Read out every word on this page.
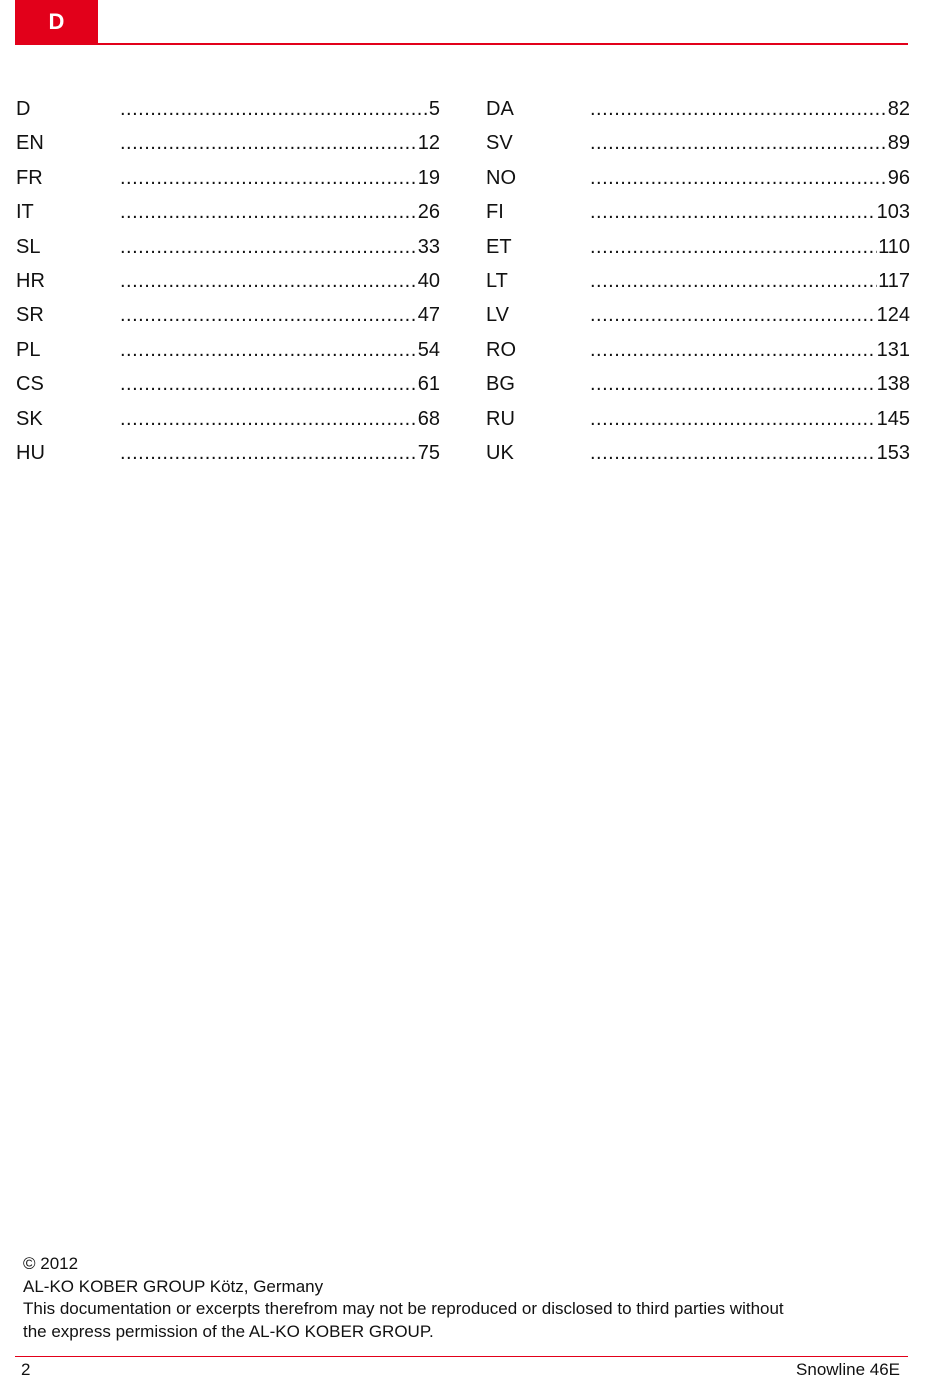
D
D .....	5
EN .....	12
FR .....	19
IT .....	26
SL .....	33
HR .....	40
SR .....	47
PL .....	54
CS .....	61
SK .....	68
HU .....	75
DA .....	82
SV .....	89
NO .....	96
FI .....	103
ET .....	110
LT .....	117
LV .....	124
RO .....	131
BG .....	138
RU .....	145
UK .....	153
© 2012
AL-KO KOBER GROUP Kötz, Germany
This documentation or excerpts therefrom may not be reproduced or disclosed to third parties without
the express permission of the AL-KO KOBER GROUP.
2	Snowline 46E
